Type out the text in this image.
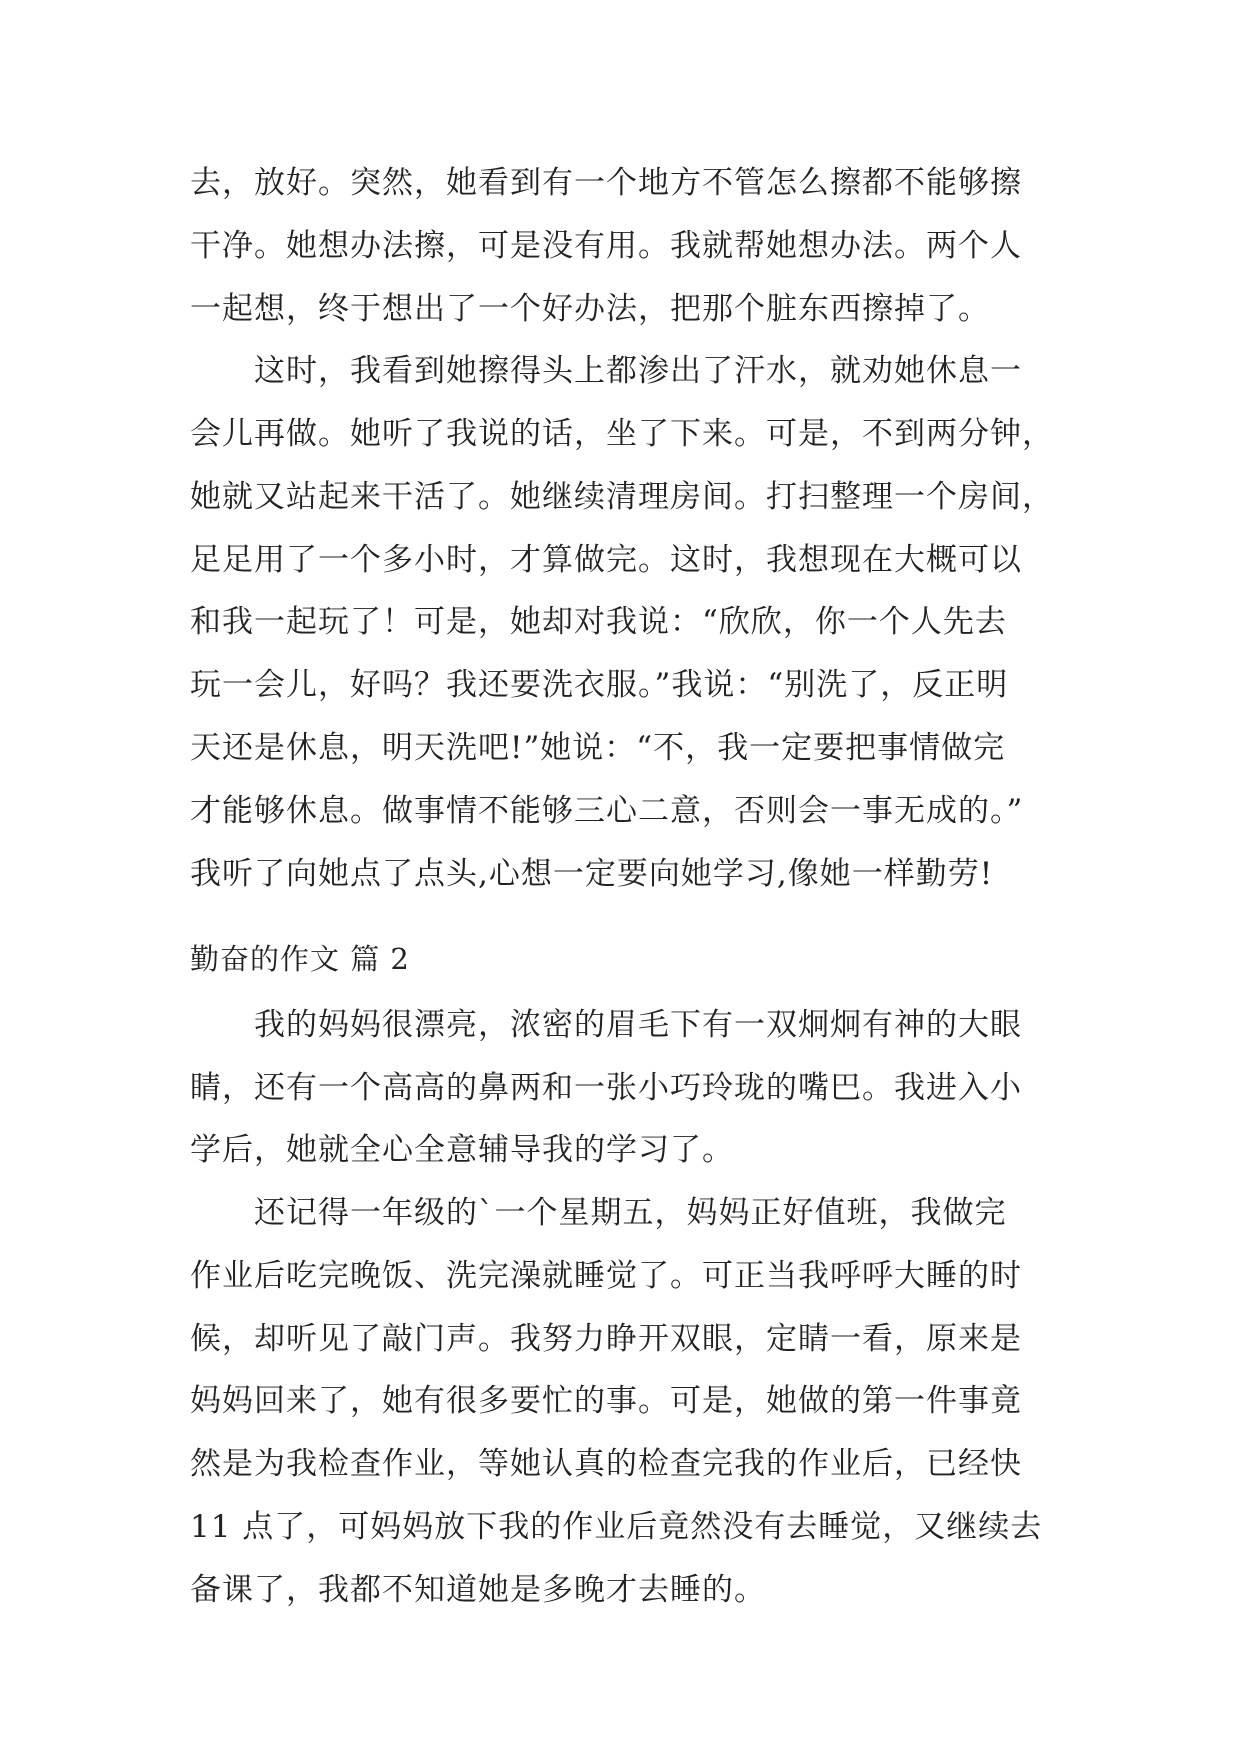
去，放好。突然，她看到有一个地方不管怎么擦都不能够擦
干净。她想办法擦，可是没有用。我就帮她想办法。两个人
一起想，终于想出了一个好办法，把那个脏东西擦掉了。
这时，我看到她擦得头上都渗出了汗水，就劝她休息一
会儿再做。她听了我说的话，坐了下来。可是，不到两分钟，
她就又站起来干活了。她继续清理房间。打扫整理一个房间，
足足用了一个多小时，才算做完。这时，我想现在大概可以
和我一起玩了！可是，她却对我说：“欣欣，你一个人先去
玩一会儿，好吗？我还要洗衣服。”我说：“别洗了，反正明
天还是休息，明天洗吧!”她说：“不，我一定要把事情做完
才能够休息。做事情不能够三心二意，否则会一事无成的。”
我听了向她点了点头,心想一定要向她学习,像她一样勤劳!
勤奋的作文 篇 2
我的妈妈很漂亮，浓密的眉毛下有一双炯炯有神的大眼
睛，还有一个高高的鼻两和一张小巧玲珑的嘴巴。我进入小
学后，她就全心全意辅导我的学习了。
还记得一年级的`一个星期五，妈妈正好值班，我做完
作业后吃完晚饭、洗完澡就睡觉了。可正当我呼呼大睡的时
候，却听见了敲门声。我努力睁开双眼，定睛一看，原来是
妈妈回来了，她有很多要忙的事。可是，她做的第一件事竟
然是为我检查作业，等她认真的检查完我的作业后，已经快
11 点了，可妈妈放下我的作业后竟然没有去睡觉，又继续去
备课了，我都不知道她是多晚才去睡的。
